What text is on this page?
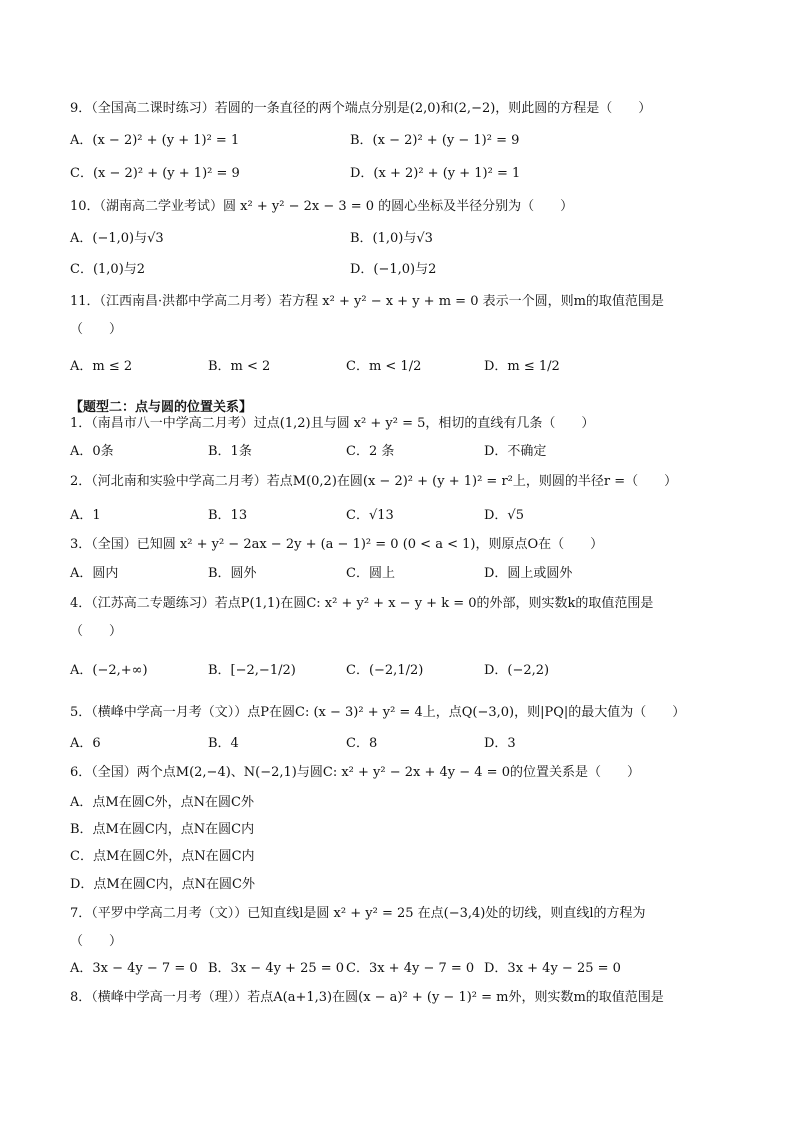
9．（全国高二课时练习）若圆的一条直径的两个端点分别是(2,0)和(2,−2)，则此圆的方程是（　　）
A．(x − 2)² + (y + 1)² = 1	B．(x − 2)² + (y − 1)² = 9
C．(x − 2)² + (y + 1)² = 9	D．(x + 2)² + (y + 1)² = 1
10．（湖南高二学业考试）圆 x² + y² − 2x − 3 = 0 的圆心坐标及半径分别为（　　）
A．(−1,0)与√3	B．(1,0)与√3
C．(1,0)与2	D．(−1,0)与2
11．（江西南昌·洪都中学高二月考）若方程 x² + y² − x + y + m = 0 表示一个圆，则m的取值范围是
（　　）
A．m ≤ 2	B．m < 2	C．m < 1/2	D．m ≤ 1/2
【题型二：点与圆的位置关系】
1．（南昌市八一中学高二月考）过点(1,2)且与圆 x² + y² = 5，相切的直线有几条（　　）
A．0条	B．1条	C．2 条	D．不确定
2．（河北南和实验中学高二月考）若点M(0,2)在圆(x − 2)² + (y + 1)² = r²上，则圆的半径r =（　　）
A．1	B．13	C．√13	D．√5
3．（全国）已知圆 x² + y² − 2ax − 2y + (a − 1)² = 0 (0 < a < 1)，则原点O在（　　）
A．圆内	B．圆外	C．圆上	D．圆上或圆外
4．（江苏高二专题练习）若点P(1,1)在圆C: x² + y² + x − y + k = 0的外部，则实数k的取值范围是
（　　）
A．(−2,+∞)	B．[−2,−1/2)	C．(−2,1/2)	D．(−2,2)
5．（横峰中学高一月考（文））点P在圆C: (x − 3)² + y² = 4上，点Q(−3,0)，则|PQ|的最大值为（　　）
A．6	B．4	C．8	D．3
6．（全国）两个点M(2,−4)、N(−2,1)与圆C: x² + y² − 2x + 4y − 4 = 0的位置关系是（　　）
A．点M在圆C外，点N在圆C外
B．点M在圆C内，点N在圆C内
C．点M在圆C外，点N在圆C内
D．点M在圆C内，点N在圆C外
7．（平罗中学高二月考（文））已知直线l是圆 x² + y² = 25 在点(−3,4)处的切线，则直线l的方程为
（　　）
A．3x − 4y − 7 = 0 B．3x − 4y + 25 = 0 C．3x + 4y − 7 = 0 D．3x + 4y − 25 = 0
8．（横峰中学高一月考（理））若点A(a+1,3)在圆(x − a)² + (y − 1)² = m外，则实数m的取值范围是
